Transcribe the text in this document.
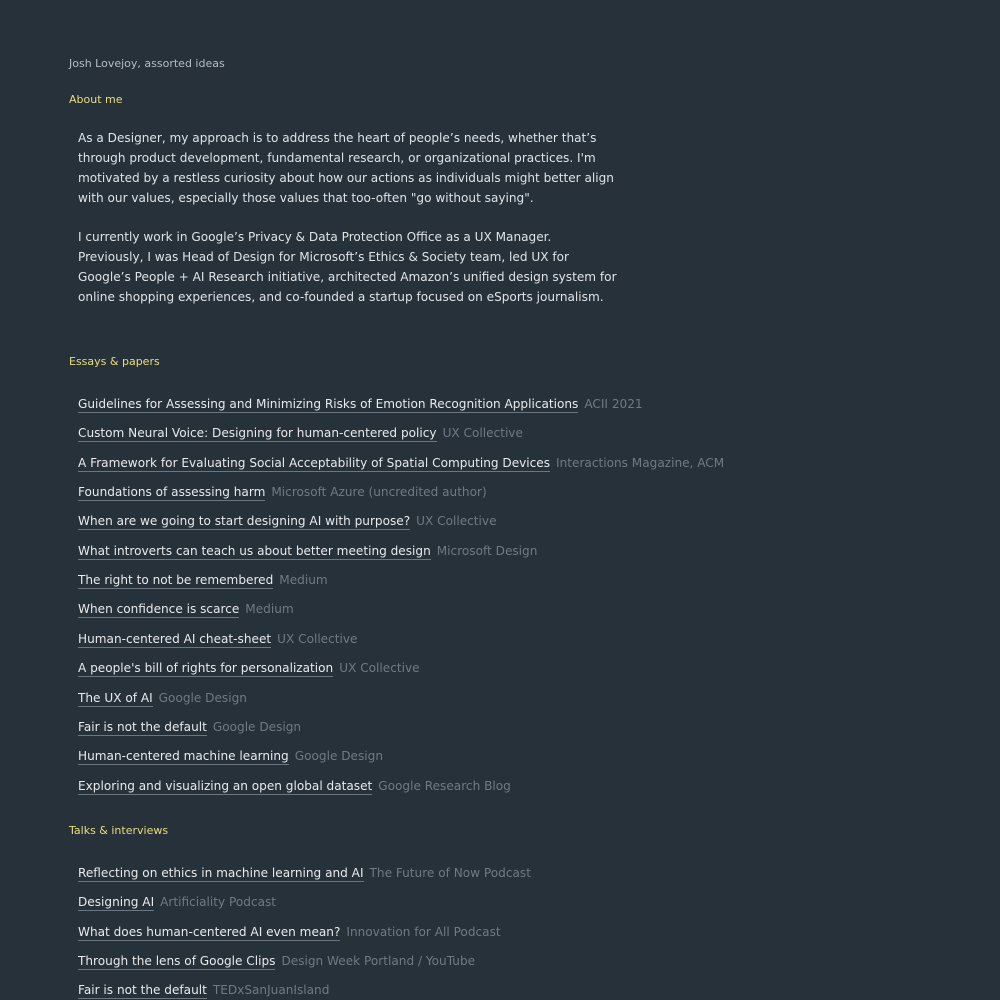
Josh Lovejoy, assorted ideas
About me
As a Designer, my approach is to address the heart of people’s needs, whether that’s through product development, fundamental research, or organizational practices. I'm motivated by a restless curiosity about how our actions as individuals might better align with our values, especially those values that too-often "go without saying".
I currently work in Google’s Privacy & Data Protection Office as a UX Manager. Previously, I was Head of Design for Microsoft’s Ethics & Society team, led UX for Google’s People + AI Research initiative, architected Amazon’s unified design system for online shopping experiences, and co-founded a startup focused on eSports journalism.
Essays & papers
Guidelines for Assessing and Minimizing Risks of Emotion Recognition Applications ACII 2021
Custom Neural Voice: Designing for human-centered policy UX Collective
A Framework for Evaluating Social Acceptability of Spatial Computing Devices Interactions Magazine, ACM
Foundations of assessing harm Microsoft Azure (uncredited author)
When are we going to start designing AI with purpose? UX Collective
What introverts can teach us about better meeting design Microsoft Design
The right to not be remembered Medium
When confidence is scarce Medium
Human-centered AI cheat-sheet UX Collective
A people's bill of rights for personalization UX Collective
The UX of AI Google Design
Fair is not the default Google Design
Human-centered machine learning Google Design
Exploring and visualizing an open global dataset Google Research Blog
Talks & interviews
Reflecting on ethics in machine learning and AI The Future of Now Podcast
Designing AI Artificiality Podcast
What does human-centered AI even mean? Innovation for All Podcast
Through the lens of Google Clips Design Week Portland / YouTube
Fair is not the default TEDxSanJuanIsland
